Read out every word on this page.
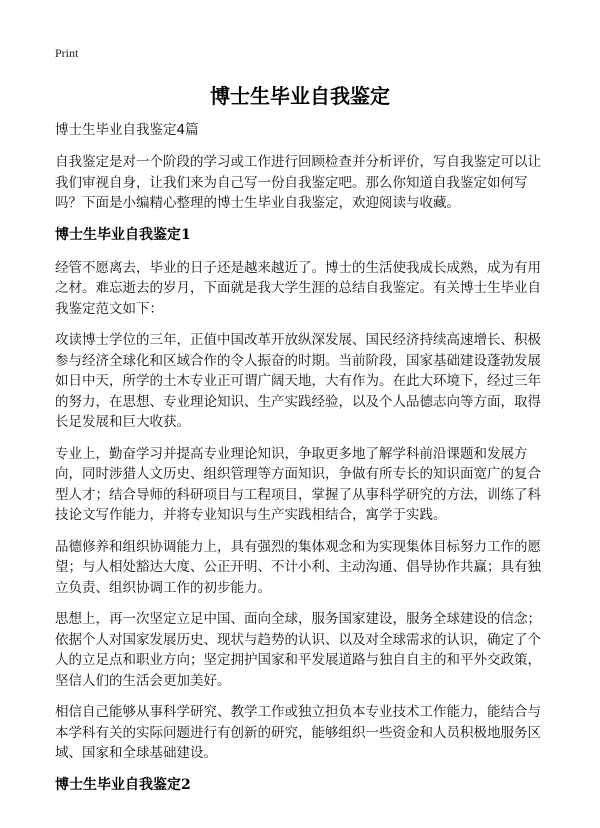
Print
博士生毕业自我鉴定

博士生毕业自我鉴定4篇

自我鉴定是对一个阶段的学习或工作进行回顾检查并分析评价，写自我鉴定可以让我们审视自身，让我们来为自己写一份自我鉴定吧。那么你知道自我鉴定如何写吗？下面是小编精心整理的博士生毕业自我鉴定，欢迎阅读与收藏。

博士生毕业自我鉴定1

经管不愿离去，毕业的日子还是越来越近了。博士的生活使我成长成熟，成为有用之材。难忘逝去的岁月，下面就是我大学生涯的总结自我鉴定。有关博士生毕业自我鉴定范文如下：

攻读博士学位的三年，正值中国改革开放纵深发展、国民经济持续高速增长、积极参与经济全球化和区域合作的令人振奋的时期。当前阶段，国家基础建设蓬勃发展如日中天，所学的土木专业正可谓广阔天地，大有作为。在此大环境下，经过三年的努力，在思想、专业理论知识、生产实践经验，以及个人品德志向等方面，取得长足发展和巨大收获。

专业上，勤奋学习并提高专业理论知识，争取更多地了解学科前沿课题和发展方向，同时涉猎人文历史、组织管理等方面知识，争做有所专长的知识面宽广的复合型人才；结合导师的科研项目与工程项目，掌握了从事科学研究的方法，训练了科技论文写作能力，并将专业知识与生产实践相结合，寓学于实践。

品德修养和组织协调能力上，具有强烈的集体观念和为实现集体目标努力工作的愿望；与人相处豁达大度、公正开明、不计小利、主动沟通、倡导协作共赢；具有独立负责、组织协调工作的初步能力。

思想上，再一次坚定立足中国、面向全球，服务国家建设，服务全球建设的信念；依据个人对国家发展历史、现状与趋势的认识、以及对全球需求的认识，确定了个人的立足点和职业方向；坚定拥护国家和平发展道路与独自自主的和平外交政策，坚信人们的生活会更加美好。

相信自己能够从事科学研究、教学工作或独立担负本专业技术工作能力，能结合与本学科有关的实际问题进行有创新的研究，能够组织一些资金和人员积极地服务区域、国家和全球基础建设。

博士生毕业自我鉴定2
